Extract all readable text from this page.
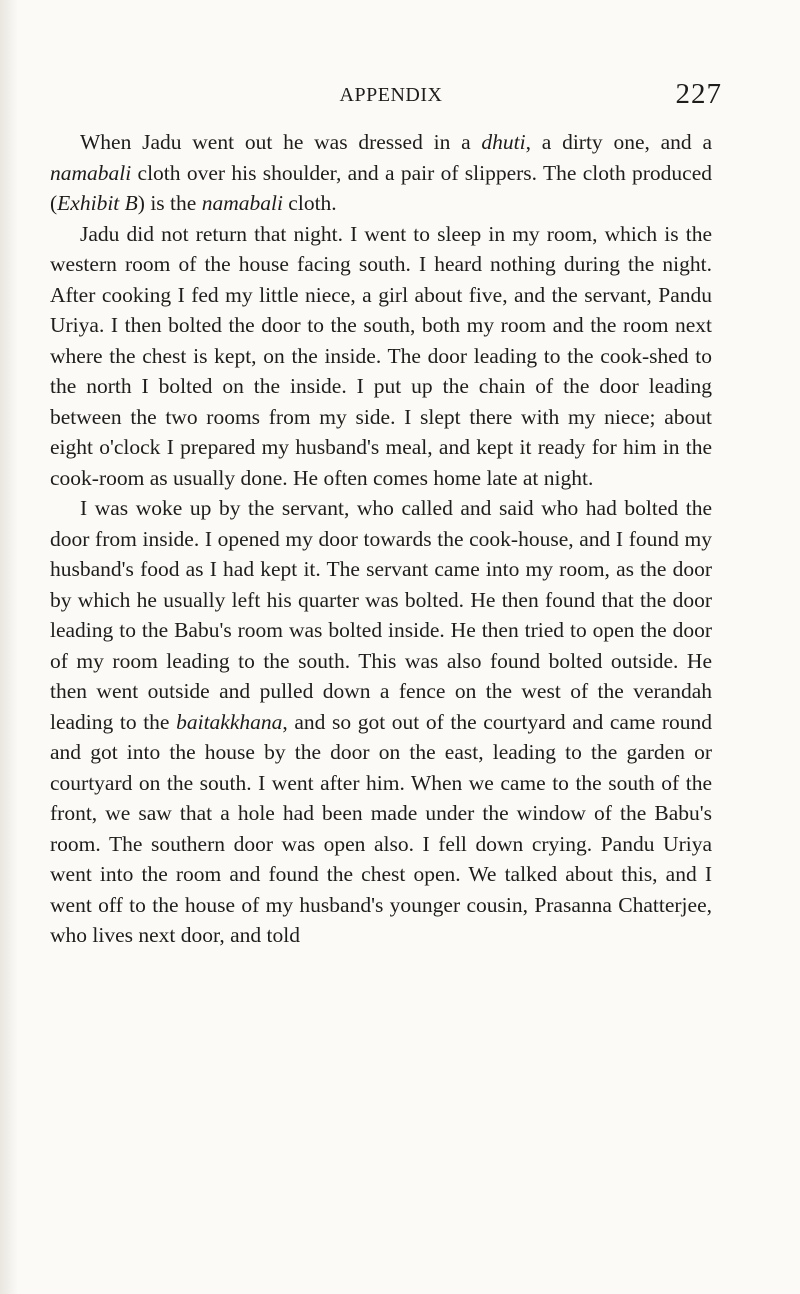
APPENDIX	227

When Jadu went out he was dressed in a dhuti, a dirty one, and a namabali cloth over his shoulder, and a pair of slippers. The cloth produced (Exhibit B) is the namabali cloth.

Jadu did not return that night. I went to sleep in my room, which is the western room of the house facing south. I heard nothing during the night. After cooking I fed my little niece, a girl about five, and the servant, Pandu Uriya. I then bolted the door to the south, both my room and the room next where the chest is kept, on the inside. The door leading to the cook-shed to the north I bolted on the inside. I put up the chain of the door leading between the two rooms from my side. I slept there with my niece; about eight o'clock I prepared my husband's meal, and kept it ready for him in the cook-room as usually done. He often comes home late at night.

I was woke up by the servant, who called and said who had bolted the door from inside. I opened my door towards the cook-house, and I found my husband's food as I had kept it. The servant came into my room, as the door by which he usually left his quarter was bolted. He then found that the door leading to the Babu's room was bolted inside. He then tried to open the door of my room leading to the south. This was also found bolted outside. He then went outside and pulled down a fence on the west of the verandah leading to the baitakkhana, and so got out of the courtyard and came round and got into the house by the door on the east, leading to the garden or courtyard on the south. I went after him. When we came to the south of the front, we saw that a hole had been made under the window of the Babu's room. The southern door was open also. I fell down crying. Pandu Uriya went into the room and found the chest open. We talked about this, and I went off to the house of my husband's younger cousin, Prasanna Chatterjee, who lives next door, and told
